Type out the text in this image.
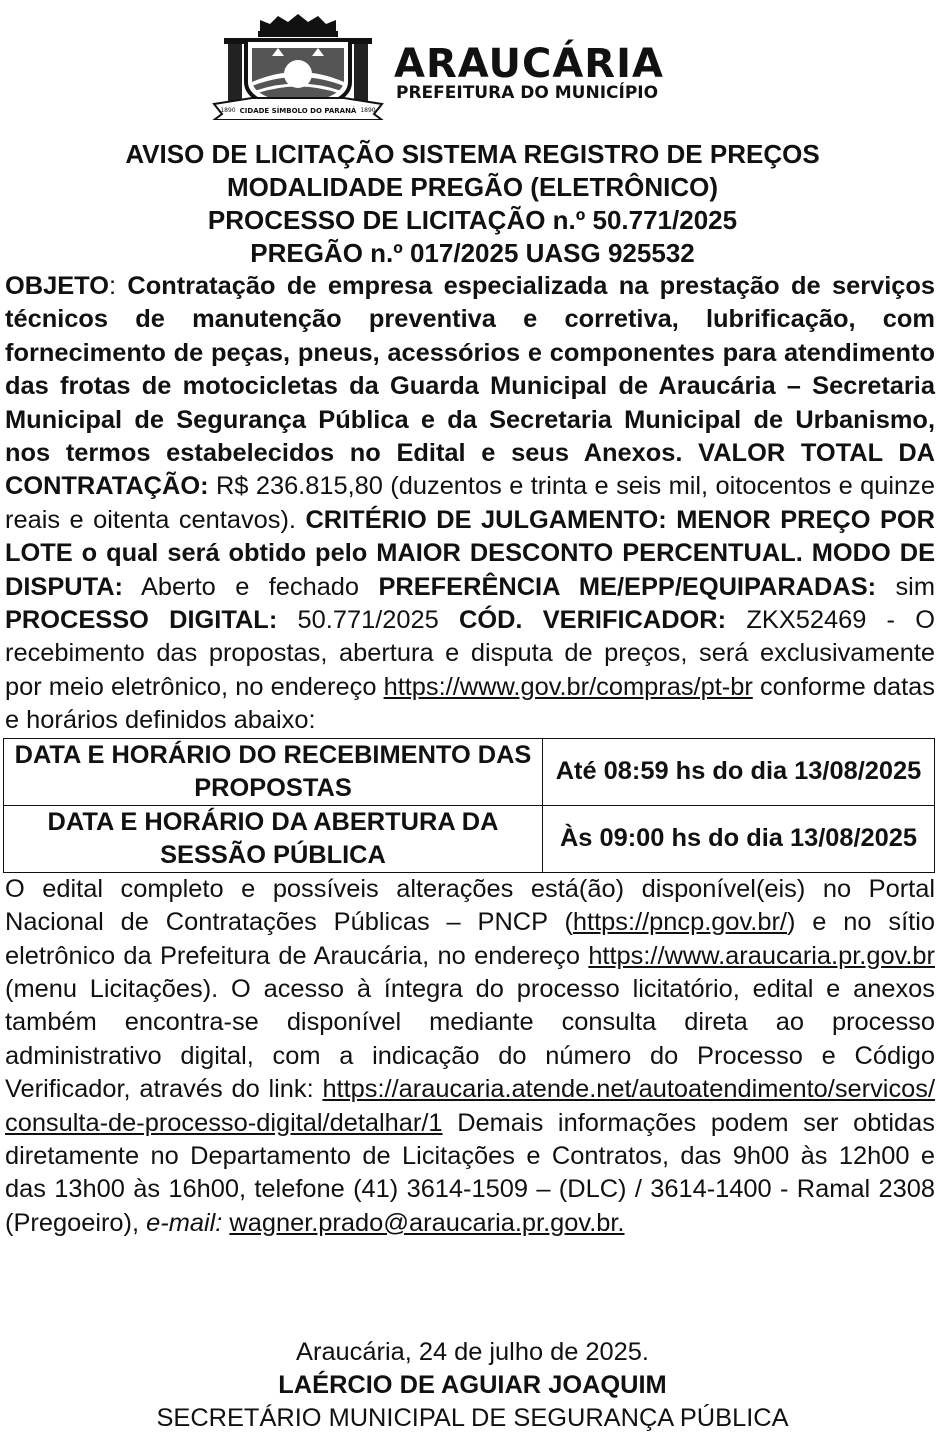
CIDADE SÍMBOLO DO PARANÁ
1890	1890
ARAUCÁRIA
PREFEITURA DO MUNICÍPIO
AVISO DE LICITAÇÃO SISTEMA REGISTRO DE PREÇOS
MODALIDADE PREGÃO (ELETRÔNICO)
PROCESSO DE LICITAÇÃO n.º 50.771/2025
PREGÃO n.º 017/2025 UASG 925532

OBJETO: Contratação de empresa especializada na prestação de serviços técnicos de manutenção preventiva e corretiva, lubrificação, com fornecimento de peças, pneus, acessórios e componentes para atendimento das frotas de motocicletas da Guarda Municipal de Araucária – Secretaria Municipal de Segurança Pública e da Secretaria Municipal de Urbanismo, nos termos estabelecidos no Edital e seus Anexos. VALOR TOTAL DA CONTRATAÇÃO: R$ 236.815,80 (duzentos e trinta e seis mil, oitocentos e quinze reais e oitenta centavos). CRITÉRIO DE JULGAMENTO: MENOR PREÇO POR LOTE o qual será obtido pelo MAIOR DESCONTO PERCENTUAL. MODO DE DISPUTA: Aberto e fechado PREFERÊNCIA ME/EPP/EQUIPARADAS: sim PROCESSO DIGITAL: 50.771/2025 CÓD. VERIFICADOR: ZKX52469 - O recebimento das propostas, abertura e disputa de preços, será exclusivamente por meio eletrônico, no endereço https://www.gov.br/compras/pt-br conforme datas e horários definidos abaixo:

DATA E HORÁRIO DO RECEBIMENTO DAS PROPOSTAS	Até 08:59 hs do dia 13/08/2025
DATA E HORÁRIO DA ABERTURA DA SESSÃO PÚBLICA	Às 09:00 hs do dia 13/08/2025

O edital completo e possíveis alterações está(ão) disponível(eis) no Portal Nacional de Contratações Públicas – PNCP (https://pncp.gov.br/) e no sítio eletrônico da Prefeitura de Araucária, no endereço https://www.araucaria.pr.gov.br (menu Licitações). O acesso à íntegra do processo licitatório, edital e anexos também encontra-se disponível mediante consulta direta ao processo administrativo digital, com a indicação do número do Processo e Código Verificador, através do link: https://araucaria.atende.net/autoatendimento/servicos/consulta-de-processo-digital/detalhar/1 Demais informações podem ser obtidas diretamente no Departamento de Licitações e Contratos, das 9h00 às 12h00 e das 13h00 às 16h00, telefone (41) 3614-1509 – (DLC) / 3614-1400 - Ramal 2308 (Pregoeiro), e-mail: wagner.prado@araucaria.pr.gov.br.

Araucária, 24 de julho de 2025.
LAÉRCIO DE AGUIAR JOAQUIM
SECRETÁRIO MUNICIPAL DE SEGURANÇA PÚBLICA
